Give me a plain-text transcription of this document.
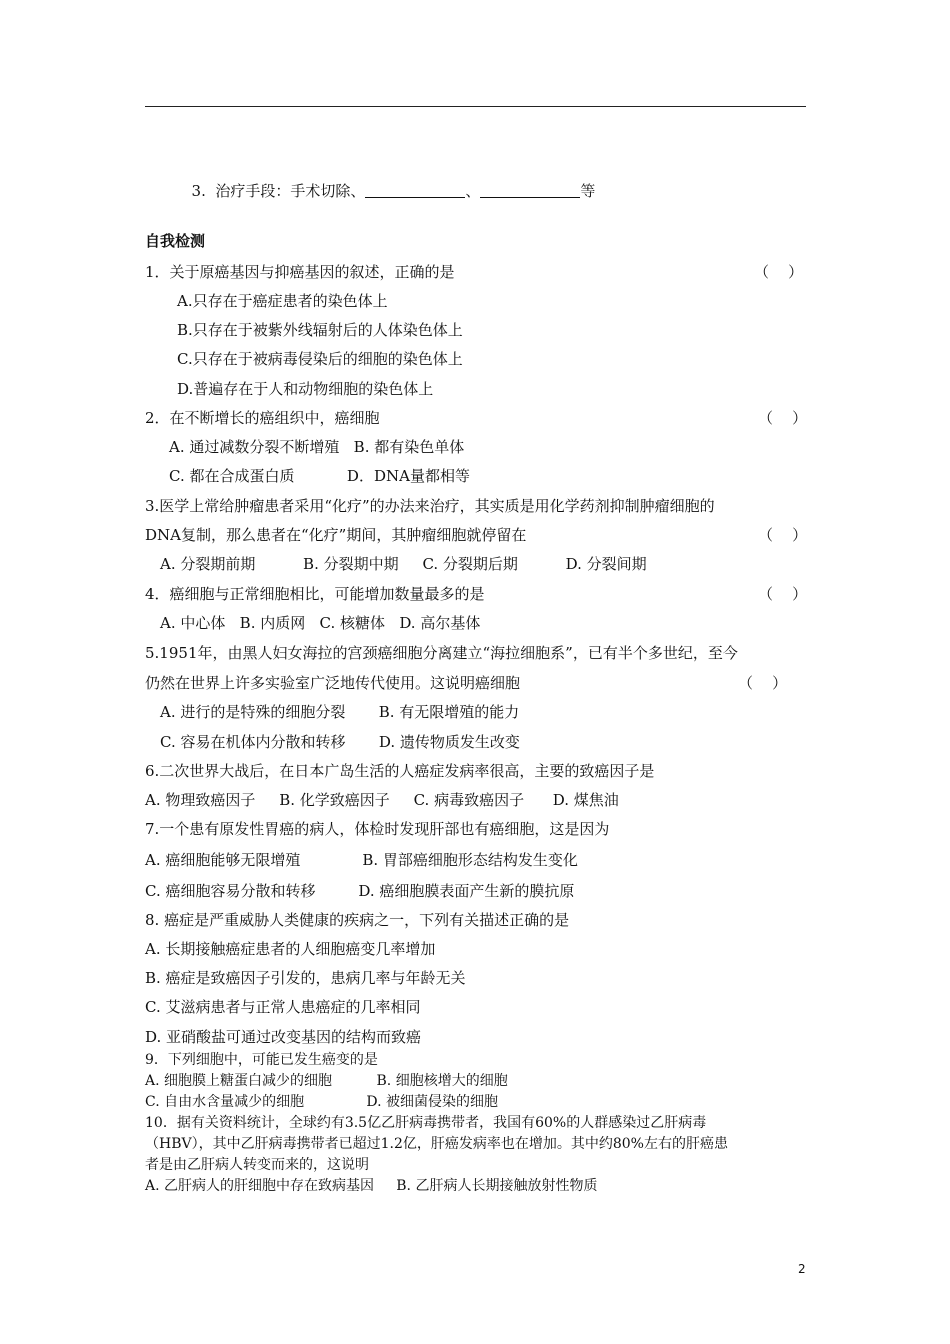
3.  治疗手段：手术切除、	、	等

自我检测
1．关于原癌基因与抑癌基因的叙述，正确的是	（    ）
A.只存在于癌症患者的染色体上
B.只存在于被紫外线辐射后的人体染色体上
C.只存在于被病毒侵染后的细胞的染色体上
D.普遍存在于人和动物细胞的染色体上
2．在不断增长的癌组织中，癌细胞	（    ）
A. 通过减数分裂不断增殖   B. 都有染色单体
C. 都在合成蛋白质           D．DNA量都相等
3.医学上常给肿瘤患者采用“化疗”的办法来治疗，其实质是用化学药剂抑制肿瘤细胞的
DNA复制，那么患者在“化疗”期间，其肿瘤细胞就停留在	（    ）
A. 分裂期前期          B. 分裂期中期     C. 分裂期后期          D. 分裂间期
4．癌细胞与正常细胞相比，可能增加数量最多的是	（    ）
A. 中心体   B. 内质网   C. 核糖体   D. 高尔基体
5.1951年，由黑人妇女海拉的宫颈癌细胞分离建立“海拉细胞系”，已有半个多世纪，至今
仍然在世界上许多实验室广泛地传代使用。这说明癌细胞	（    ）
A. 进行的是特殊的细胞分裂       B. 有无限增殖的能力
C. 容易在机体内分散和转移       D. 遗传物质发生改变
6.二次世界大战后，在日本广岛生活的人癌症发病率很高，主要的致癌因子是
A. 物理致癌因子     B. 化学致癌因子     C. 病毒致癌因子      D. 煤焦油
7.一个患有原发性胃癌的病人，体检时发现肝部也有癌细胞，这是因为
A. 癌细胞能够无限增殖             B. 胃部癌细胞形态结构发生变化
C. 癌细胞容易分散和转移         D. 癌细胞膜表面产生新的膜抗原
8. 癌症是严重威胁人类健康的疾病之一，下列有关描述正确的是
A. 长期接触癌症患者的人细胞癌变几率增加
B. 癌症是致癌因子引发的，患病几率与年龄无关
C. 艾滋病患者与正常人患癌症的几率相同
D. 亚硝酸盐可通过改变基因的结构而致癌
9．下列细胞中，可能已发生癌变的是
A. 细胞膜上糖蛋白减少的细胞          B. 细胞核增大的细胞
C. 自由水含量减少的细胞              D. 被细菌侵染的细胞
10．据有关资料统计，全球约有3.5亿乙肝病毒携带者，我国有60%的人群感染过乙肝病毒
（HBV），其中乙肝病毒携带者已超过1.2亿，肝癌发病率也在增加。其中约80%左右的肝癌患
者是由乙肝病人转变而来的，这说明
A. 乙肝病人的肝细胞中存在致病基因     B. 乙肝病人长期接触放射性物质
2
